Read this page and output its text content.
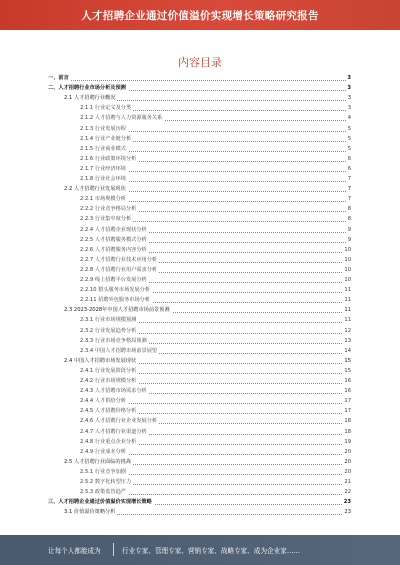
人才招聘企业通过价值溢价实现增长策略研究报告
内容目录
一、前言	3
二、人才招聘行业市场分析及预测	3
2.1 人才招聘行业概况	3
2.1.1 行业定义及分类	3
2.1.2 人才招聘与人力资源服务关系	4
2.1.3 行业发展历程	5
2.1.4 行业产业链分析	5
2.1.5 行业商业模式	5
2.1.6 行业政策环境分析	6
2.1.7 行业经济环境	6
2.1.8 行业社会环境	7
2.2 人才招聘行业发展现状	7
2.2.1 市场规模分析	7
2.2.2 行业竞争格局分析	8
2.2.3 行业集中度分析	8
2.2.4 人才招聘企业现状分析	9
2.2.5 人才招聘服务模式分析	9
2.2.6 人才招聘服务内容分析	10
2.2.7 人才招聘行业技术应用分析	10
2.2.8 人才招聘行业用户需求分析	10
2.2.9 线上招聘平台发展分析	10
2.2.10 猎头服务市场发展分析	11
2.2.11 招聘外包服务市场分析	11
2.3 2023-2028年中国人才招聘市场前景预测	11
2.3.1 行业市场规模预测	11
2.3.2 行业发展趋势分析	12
2.3.3 行业市场竞争格局预测	13
2.3.4 中国人才招聘市场前景展望	14
2.4 中国人才招聘市场发展现状	15
2.4.1 行业发展阶段分析	15
2.4.2 行业市场规模分析	16
2.4.3 人才招聘市场需求分析	16
2.4.4 人才供给分析	17
2.4.5 人才招聘价格分析	17
2.4.6 人才招聘行业企业发展分析	18
2.4.7 人才招聘行业渠道分析	18
2.4.8 行业重点企业分析	19
2.4.9 行业成本分析	20
2.5 人才招聘行业面临的挑战	20
2.5.1 行业竞争加剧	20
2.5.2 数字化转型压力	21
2.5.3 政策监管趋严	22
三、人才招聘企业通过价值溢价实现增长策略	23
3.1 价值溢价策略分析	23
让每个人都能成为	行业专家、管理专家、营销专家、战略专家、成为企业家……
